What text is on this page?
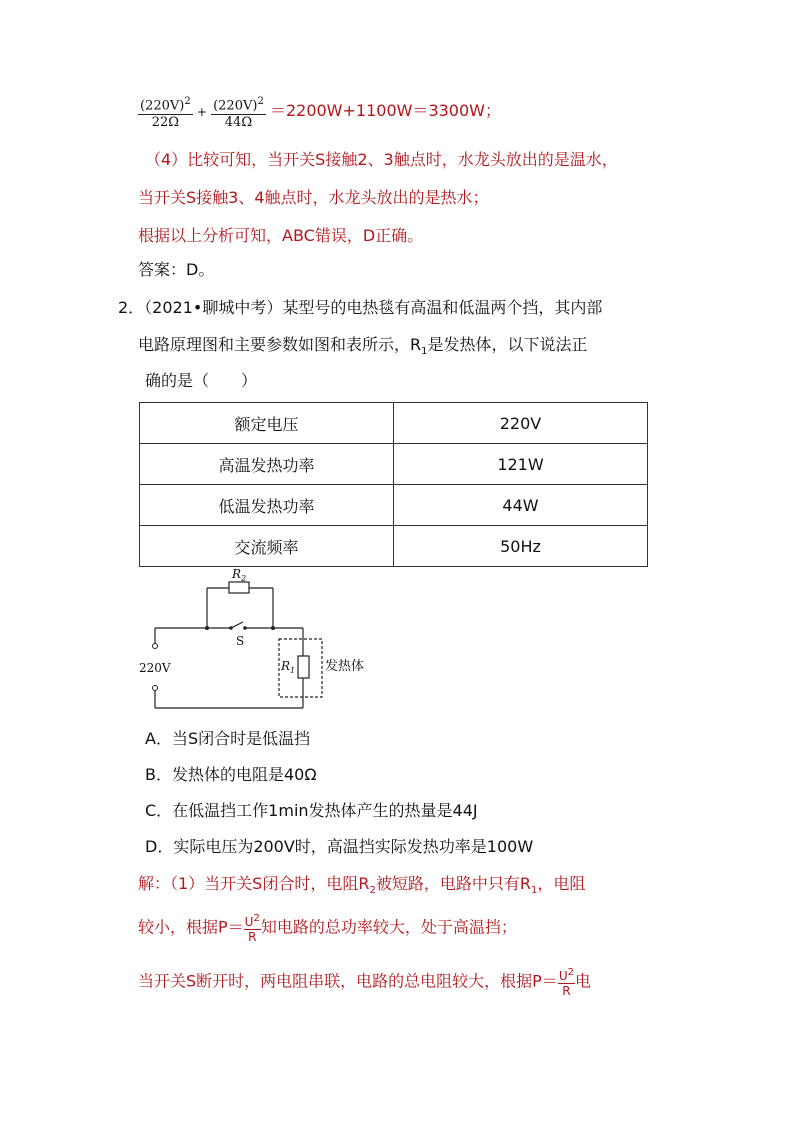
$\frac{(220V)^2}{22\Omega} + \frac{(220V)^2}{44\Omega} =2200W+1100W=3300W$；
（4）比较可知，当开关S接触2、3触点时，水龙头放出的是温水，
当开关S接触3、4触点时，水龙头放出的是热水；
根据以上分析可知，ABC错误，D正确。
答案：D。
2．（2021•聊城中考）某型号的电热毯有高温和低温两个挡，其内部
电路原理图和主要参数如图和表所示，$R_1$是发热体，以下说法正
确的是（　　）
额定电压	220V
高温发热功率	121W
低温发热功率	44W
交流频率	50Hz
$R_2$
S
220V	$R_1$ 发热体
A．当S闭合时是低温挡
B．发热体的电阻是40Ω
C．在低温挡工作1min发热体产生的热量是44J
D．实际电压为200V时，高温挡实际发热功率是100W
解：（1）当开关S闭合时，电阻$R_2$被短路，电路中只有$R_1$，电阻
较小，根据$P= \frac{U^2}{R}$ 知电路的总功率较大，处于高温挡；
当开关S断开时，两电阻串联，电路的总电阻较大，根据$P= \frac{U^2}{R}$ 电
